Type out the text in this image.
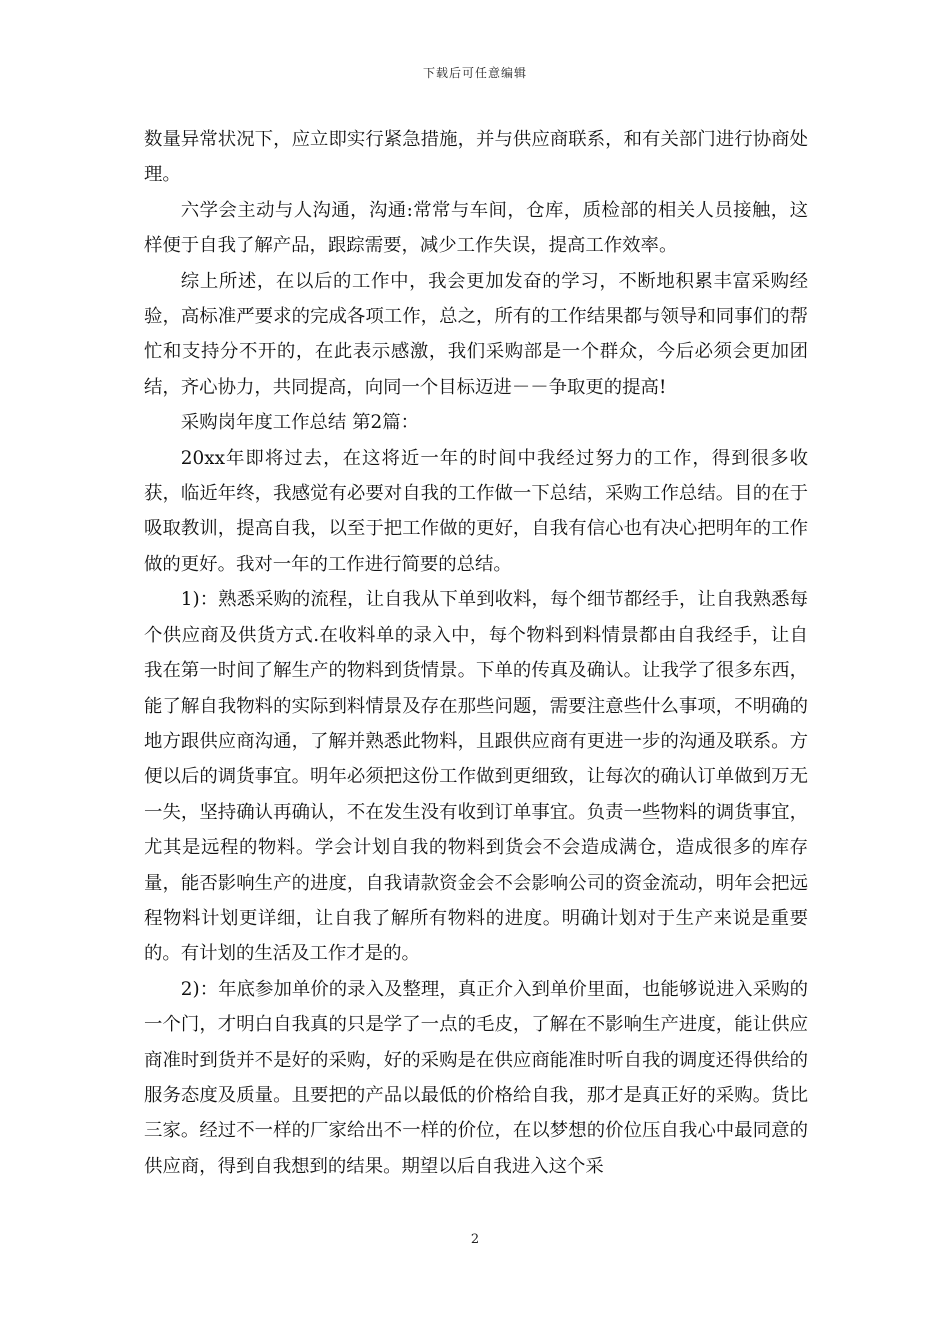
下载后可任意编辑

数量异常状况下，应立即实行紧急措施，并与供应商联系，和有关部门进行协商处理。

六学会主动与人沟通，沟通:常常与车间，仓库，质检部的相关人员接触，这样便于自我了解产品，跟踪需要，减少工作失误，提高工作效率。

综上所述，在以后的工作中，我会更加发奋的学习，不断地积累丰富采购经验，高标准严要求的完成各项工作，总之，所有的工作结果都与领导和同事们的帮忙和支持分不开的，在此表示感激，我们采购部是一个群众，今后必须会更加团结，齐心协力，共同提高，向同一个目标迈进－－争取更的提高!

采购岗年度工作总结 第2篇：

20xx年即将过去，在这将近一年的时间中我经过努力的工作，得到很多收获，临近年终，我感觉有必要对自我的工作做一下总结，采购工作总结。目的在于吸取教训，提高自我，以至于把工作做的更好，自我有信心也有决心把明年的工作做的更好。我对一年的工作进行简要的总结。

1)：熟悉采购的流程，让自我从下单到收料，每个细节都经手，让自我熟悉每个供应商及供货方式.在收料单的录入中，每个物料到料情景都由自我经手，让自我在第一时间了解生产的物料到货情景。下单的传真及确认。让我学了很多东西，能了解自我物料的实际到料情景及存在那些问题，需要注意些什么事项，不明确的地方跟供应商沟通，了解并熟悉此物料，且跟供应商有更进一步的沟通及联系。方便以后的调货事宜。明年必须把这份工作做到更细致，让每次的确认订单做到万无一失，坚持确认再确认，不在发生没有收到订单事宜。负责一些物料的调货事宜，尤其是远程的物料。学会计划自我的物料到货会不会造成满仓，造成很多的库存量，能否影响生产的进度，自我请款资金会不会影响公司的资金流动，明年会把远程物料计划更详细，让自我了解所有物料的进度。明确计划对于生产来说是重要的。有计划的生活及工作才是的。

2)：年底参加单价的录入及整理，真正介入到单价里面，也能够说进入采购的一个门，才明白自我真的只是学了一点的毛皮，了解在不影响生产进度，能让供应商准时到货并不是好的采购，好的采购是在供应商能准时听自我的调度还得供给的服务态度及质量。且要把的产品以最低的价格给自我，那才是真正好的采购。货比三家。经过不一样的厂家给出不一样的价位，在以梦想的价位压自我心中最同意的供应商，得到自我想到的结果。期望以后自我进入这个采

2
